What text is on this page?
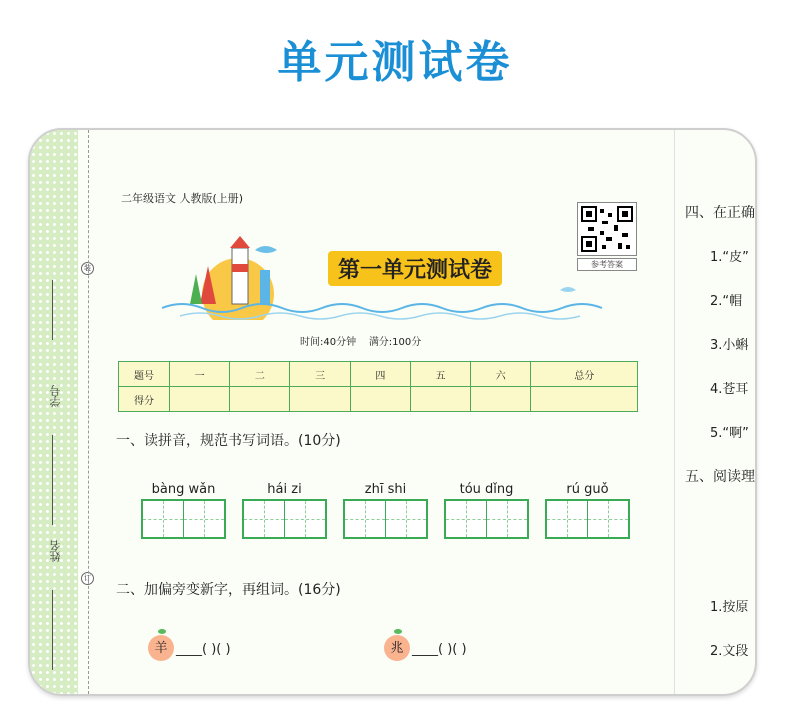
单元测试卷
学号
姓名
装
订
二年级语文 人教版(上册)
参考答案
第一单元测试卷
时间:40分钟 满分:100分
题号	一	二	三	四	五	六	总分
得分							
一、读拼音，规范书写词语。(10分)
bàng wǎn	hái zi	zhī shi	tóu dǐng	rú guǒ
二、加偏旁变新字，再组词。(16分)
羊 ____( )( )	兆 ____( )( )
四、在正确
1.“皮”
2.“帽
3.小蝌
4.苍耳
5.“啊”
五、阅读理
1.按原
2.文段
